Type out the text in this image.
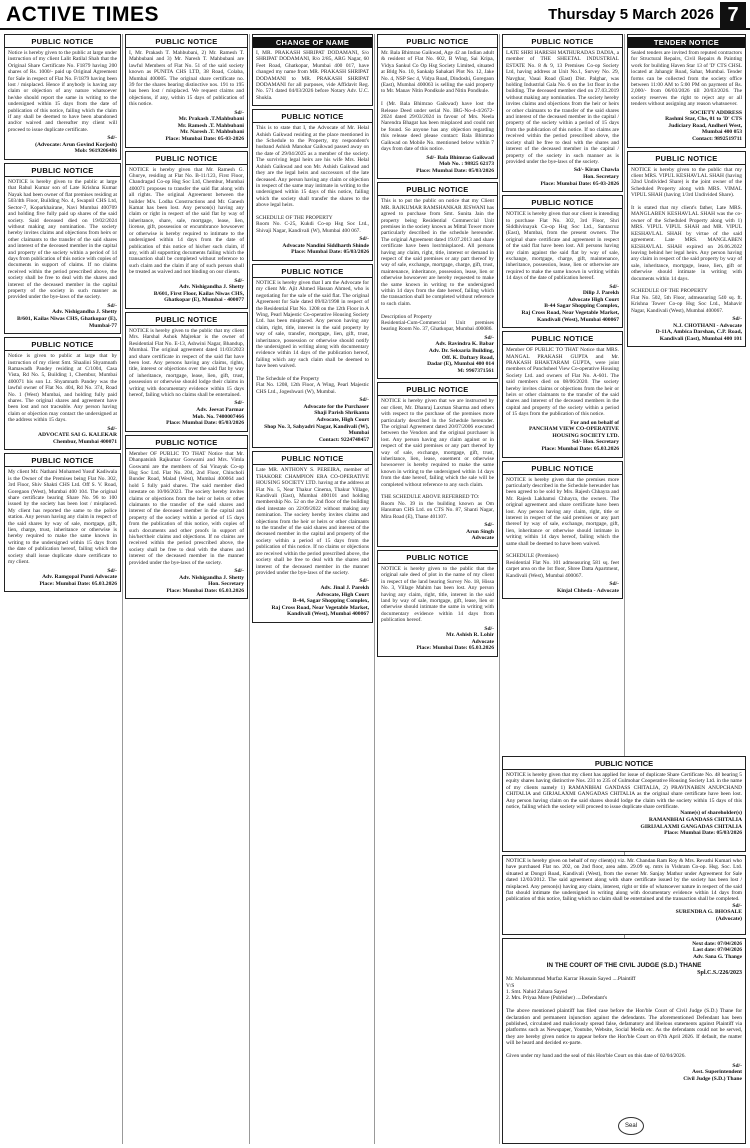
ACTIVE TIMES	Thursday 5 March 2026 7
PUBLIC NOTICE
Notice is hereby given to the public at large under instruction of my client Lalit Ratilal Shah that the Original Share Certificate No. F1879 having 200 shares of Rs. 1000/- paid up Original Agreement for Sale in respect of Flat No. F/1879 having been lost / misplaced. Hence if anybody is having any claim or objection of any nature whatsoever he/she should report the same in writing to the undersigned within 15 days from the date of publication of this notice, failing which the claim if any shall be deemed to have been abandoned and/or waived and thereafter my client will proceed to issue duplicate certificate.
Sd/-
(Advocate: Arun Govind Korjosh)
Mob: 9619206486
PUBLIC NOTICE
NOTICE is hereby given to the public at large that Rahul Kumar son of Late Krishna Kumar Nayak had been owner of flat premises residing at 503/4th Floor, Building No. 4, Swapnil CHS Ltd, Sector-7, Koparkhairane, Navi Mumbai 400709 and holding five fully paid up shares of the said society. Said deceased died on 19/02/2024 without making any nomination. The society hereby invites claims and objections from heirs or other claimants to the transfer of the said shares and interest of the deceased member in the capital and property of the society within a period of 14 days from publication of this notice with copies of documents in support of claims. If no claims received within the period prescribed above, the society shall be free to deal with the shares and interest of the deceased member in the capital property of the society in such manner as provided under the bye-laws of the society.
Sd/-
Adv. Nishigandha J. Shetty
B/601, Kailas Niwas CHS, Ghatkopar (E), Mumbai-77
PUBLIC NOTICE
Notice is given to public at large that by instruction of my client Smt. Shaalini Shyamnath Ramawadh Pandey residing at C/1004, Casa Vista, Rd No. 5, Building 1, Chembur, Mumbai 400071 his son Lt. Shyamnath Pandey was the lawful owner of Flat No. 404, Rd No. 374, Road No. 1 (West) Mumbai, and holding fully paid shares. The original shares and agreement have been lost and not traceable. Any person having claim or objection may contact the undersigned at the address within 15 days.
Sd/-
ADVOCATE SAI G. KALEKAR
Chembur, Mumbai 400071
PUBLIC NOTICE
My client Mr. Nathani Mohamed Yusuf Kadiwala is the Owner of the Premises being Flat No. 302, 3rd Floor, Shiv Shakti CHS Ltd. Off S. V. Road, Goregaon (West), Mumbai 400 104. The original share certificate bearing Share No. 96 to 100 issued by the society has been lost / misplaced. My client has reported the same to the police station. Any person having any claim in respect of the said shares by way of sale, mortgage, gift, lien, charge, trust, inheritance or otherwise is hereby required to make the same known in writing to the undersigned within 15 days from the date of publication hereof, failing which the society shall issue duplicate share certificate to my client.
Sd/-
Adv. Ramgopal Punti Advocate
Place: Mumbai Date: 05.03.2026
PUBLIC NOTICE
I, Mr. Prakash T. Mahbubani, 2) Mr. Ramesh T. Mahbubani and 3) Mr. Naresh T. Mahbubani are lawful Members of Flat No. 51 of the said society known as PUNITA CHS LTD, 38 Road, Colaba, Mumbai 400005. The original share certificate no. 39 for the shares bearing distinctive nos. 191 to 195 has been lost / misplaced. We request claims and objections, if any, within 15 days of publication of this notice.
Sd/-
Mr. Prakash .T.Mahbubani
Mr. Ramesh .T. Mahbubani
Mr. Naresh .T. Mahbubani
Place: Mumbai Date: 05-03-2026
PUBLIC NOTICE
NOTICE is hereby given that Mr. Ramesh G. Ghurye, residing at Flat No. B-11/123, First Floor, Chandragad Co-op Hsg Soc Ltd, Chembur, Mumbai 400071 proposes to transfer the said flat along with all rights. The original Agreement between the builder M/s. Lodha Constructions and Mr. Ganesh Kamat has been lost. Any person(s) having any claim or right in respect of the said flat by way of inheritance, share, sale, mortgage, lease, lien, license, gift, possession or encumbrance howsoever or otherwise is hereby required to intimate to the undersigned within 14 days from the date of publication of this notice of his/her such claim, if any, with all supporting documents failing which the transaction shall be completed without reference to such claim and the claim if any of such person shall be treated as waived and not binding on our clients.
Sd/-
Adv. Nishigandha J. Shetty
B/601, First Floor, Kailas Niwas CHS,
Ghatkopar (E), Mumbai - 400077
PUBLIC NOTICE
NOTICE is hereby given to the public that my client Mrs. Harshal Ashok Majrekar is the owner of Residential Flat No. E-13, Ashwini Nagar, Bhandup, Mumbai. The original agreement dated 11/03/2023 and share certificate in respect of the said flat have been lost. Any persons having any claims, rights, title, interest or objections over the said flat by way of inheritance, mortgage, lease, lien, gift, trust, possession or otherwise should lodge their claims in writing with documentary evidence within 15 days hereof, failing which no claims shall be entertained.
Sd/-
Adv. Jeevat Parmar
Mob. No. 7400007466
Place: Mumbai Date: 05/03/2026
PUBLIC NOTICE
Member OF PUBLIC TO THAT Notice that Mr. Dhanpatsinh Rajkumar Goswami and Mrs. Vimla Goswami are the members of Sai Vinayak Co-op Hsg Soc Ltd. Flat No. 204, 2nd Floor, Chincholi Bunder Road, Malad (West), Mumbai 400064 and hold 5 fully paid shares. The said member died intestate on 10/06/2023. The society hereby invites claims or objections from the heir or heirs or other claimants to the transfer of the said shares and interest of the deceased member in the capital and property of the society within a period of 15 days from the publication of this notice, with copies of such documents and other proofs in support of his/her/their claims and objections. If no claims are received within the period prescribed above, the society shall be free to deal with the shares and interest of the deceased member in the manner provided under the bye-laws of the society.
Sd/-
Adv. Nishigandha J. Shetty
Hon. Secretary
Place: Mumbai Date: 05.03.2026
CHANGE OF NAME
I, MR. PRAKASH SHRIPAT DODAMANI, S/o SHRIPAT DODAMANI, R/o 2/85, ARG Nagar, 60 Feet Road, Ghatkopar, Mumbai 400 017, have changed my name from MR. PRAKASH SHRIPAT DODAMANI to MR. PRAKASH SHRIPAT DODAMANI for all purposes, vide Affidavit Reg. No. 571 dated 04/03/2026 before Notary Adv. U.C. Shukla.
PUBLIC NOTICE
This is to state that I, the Advocate of Mr. Helal Ashish Gaikwad residing at the place mentioned in the Schedule to the Property, my respondent's husband Ashish Manohar Gaikwad passed away on the date of 29/04/2025 as a member of the society. The surviving legal heirs are his wife Mrs. Helal Ashish Gaikwad and son Mr. Ashish Gaikwad and they are the legal heirs and successors of the late deceased. Any person having any claim or objection in respect of the same may intimate in writing to the undersigned within 15 days of this notice, failing which the society shall transfer the shares to the above legal heirs.

SCHEDULE OF THE PROPERTY
Room No. C-25, Kukdi Co-op Hsg Soc Ltd., Shivaji Nagar, Kandivali (W), Mumbai 400 067.
Sd/-
Advocate Nandini Siddharth Shinde
Place: Mumbai Date: 05/03/2026
PUBLIC NOTICE
NOTICE is hereby given that I am the Advocate for my client Mr. Ajit Ahmed Hassan Ahmed, who is negotiating for the sale of the said flat. The original Agreement for Sale dated 09/02/1998 in respect of the Residential Flat No. 1208 on the 12th Floor in A Wing, Pearl Majestic Co-operative Housing Society Ltd. has been misplaced. Any person having any claim, right, title, interest in the said property by way of sale, transfer, mortgage, lien, gift, trust, inheritance, possession or otherwise should notify the undersigned in writing along with documentary evidence within 14 days of the publication hereof, failing which any such claim shall be deemed to have been waived.

The Schedule of the Property
Flat No. 1208, 12th Floor, A Wing, Pearl Majestic CHS Ltd., Jogeshwari (W), Mumbai.
Sd/-
Advocate for the Purchaser
Shaji Parish Shrikanta
Advocate, High Court
Shop No. 3, Sahyadri Nagar, Kandivali (W), Mumbai
Contact: 9224748457
PUBLIC NOTICE
Late MR. ANTHONY S. PEREIRA, member of THAKORE CHAMPION ERA CO-OPERATIVE HOUSING SOCIETY LTD. having at the address at Flat No. 5, Near Thakur Cinema, Thakur Village, Kandivali (East), Mumbai 400101 and holding membership No. 52 on the 2nd floor of the building died intestate on 22/09/2022 without making any nomination. The society hereby invites claims and objections from the heir or heirs or other claimants to the transfer of the said shares and interest of the deceased member in the capital and property of the society within a period of 15 days from the publication of this notice. If no claims or objections are received within the period prescribed above, the society shall be free to deal with the shares and interest of the deceased member in the manner provided under the bye-laws of the society.
Sd/-
Adv. Jinal J. Parekh
Advocate, High Court
B-44, Sagar Shopping Complex,
Raj Cross Road, Near Vegetable Market,
Kandivali (West), Mumbai 400067
PUBLIC NOTICE
Mr. Bala Bhimrao Gaikwad, Age 42 an Indian adult & resident of Flat No. 602, B Wing, Sai Kripa, Vidya Sankul Co Op Hsg Society Limited, situated at Bldg No. 10, Sankalp Sahakari Plot No. 12, Jake No. 4, NSP Sec 4, Vidya Road, Dindoshi, Goregaon (East), Mumbai 400063 is selling the said property to Mr. Manav Nitin Pondkule and Nitin Pondkule.

I (Mr. Bala Bhimrao Gaikwad) have lost the Release Deed under serial No. IRG-No-4-4/2672-2024 dated 29/03/2024 in favour of Mrs. Neela Narendra Bhagat has been misplaced and could not be found. So anyone has any objection regarding this release deed please contact: Bala Bhimrao Gaikwad on Mobile No. mentioned below within 7 days from date of this notice.
Sd/- Bala Bhimrao Gaikwad
Mob No. : 98825 62173
Place: Mumbai Date: 05/03/2026
PUBLIC NOTICE
This is to put the public on notice that my Client MR. RAJKUMAR RAMSHANKAR JESWANI has agreed to purchase from Smt. Sunita Jain the property being Residential Commercial Unit premises in the society known as Mittal Tower more particularly described in the schedule hereunder. The original Agreement dated 19.07.2013 and share certificate have been lost/misplaced. All persons having any claim, right, title, interest or demand in respect of the said premises or any part thereof by way of sale, exchange, mortgage, charge, gift, trust, maintenance, inheritance, possession, lease, lien or otherwise howsoever are hereby requested to make the same known in writing to the undersigned within 14 days from the date hereof, failing which the transaction shall be completed without reference to such claim.

Description of Property
Residential-Cum-Commercial Unit premises bearing Room No. 37, Ghatkopar, Mumbai 400086.
Sd/-
Adv. Ravindra K. Babar
Adv. Dr. Seksaria Building,
Off. K. Daftary Road,
Dadar (E), Mumbai 400 014
M: 9967371561
PUBLIC NOTICE
NOTICE is hereby given that we are instructed by our client, Mr. Dhanraj Laxman Sharma and others with respect to the purchase of the premises more particularly described in the Schedule hereunder. The original Agreement dated 20/07/2006 executed between the Vendors and the original purchaser is lost. Any person having any claim against or in respect of the said premises or any part thereof by way of sale, exchange, mortgage, gift, trust, inheritance, lien, lease, easement or otherwise howsoever is hereby required to make the same known in writing to the undersigned within 14 days from the date hereof, failing which the sale will be completed without reference to any such claim.

THE SCHEDULE ABOVE REFERRED TO:
Room No. 39 in the building known as Om Hanuman CHS Ltd. on CTS No. 87, Shanti Nagar, Mira Road (E), Thane 401107.
Sd/-
Arun Singh
Advocate
PUBLIC NOTICE
NOTICE is hereby given to the public that the original sale deed of plot in the name of my client in respect of the land bearing Survey No. 18, Hissa No. 3, Village Mahim has been lost. Any person having any claim, right, title, interest in the said land by way of sale, mortgage, gift, lease, lien or otherwise should intimate the same in writing with documentary evidence within 14 days from publication hereof.
Sd/-
Mr. Ashish R. Lohir
Advocate
Place: Mumbai Date: 05.03.2026
PUBLIC NOTICE
LATE SHRI HARESH MATHURADAS DADIA, a member of THE SHEETAL INDUSTRIAL ESTATE No. 8 & 9, 13 Premises Co-op Society Ltd, having address at Unit No.1, Survey No. 29, Navghar, Vasai Road (East) Dist. Palghar, was holding Industrial Gala No. 6 on the 1st floor in the building. The deceased member died on 27.03.2019 without making any nomination. The society hereby invites claims and objections from the heir or heirs or other claimants to the transfer of the said shares and interest of the deceased member in the capital / property of the society within a period of 15 days from the publication of this notice. If no claims are received within the period prescribed above, the society shall be free to deal with the shares and interest of the deceased member in the capital / property of the society in such manner as is provided under the bye-laws of the society.
Sd/- Kiran Chawla
Hon. Secretary
Place: Mumbai Date: 05-03-2026
PUBLIC NOTICE
NOTICE is hereby given that our client is intending to purchase Flat No. 302, 3rd Floor, Shri Siddhivinayak Co-op Hsg Soc Ltd., Santacruz (East), Mumbai, from the present owners. The original share certificate and agreement in respect of the said flat have been lost. All persons having any claim against the said flat by way of sale, exchange, mortgage, charge, gift, maintenance, inheritance, possession, lease, lien or otherwise are required to make the same known in writing within 14 days of the date of publication hereof.
Sd/-
Dilip J. Parekh
Advocate High Court
B-44 Sagar Shopping Complex,
Raj Cross Road, Near Vegetable Market,
Kandivali (West), Mumbai 400067
PUBLIC NOTICE
Member OF PUBLIC TO THAT Notice that MRS. MANGAL PRAKASH GUPTA and Mr. PRAKASH BHAKTARAM GUPTA, were joint members of Panchsheel View Co-operative Housing Society Ltd. and owners of Flat No. A-601. The said members died on 08/06/2020. The society hereby invites claims or objections from the heir or heirs or other claimants to the transfer of the said shares and interest of the deceased members in the capital and property of the society within a period of 15 days from the publication of this notice.
For and on behalf of
PANCHAM VIEW CO-OPERATIVE
HOUSING SOCIETY LTD.
Sd/- Hon. Secretary
Place: Mumbai Date: 05.03.2026
PUBLIC NOTICE
NOTICE is hereby given that the premises more particularly described in the Schedule hereunder has been agreed to be sold by Mrs. Rajesh Chhayra and Mr. Rajesh Lakhamsi Chhayra, the owners. The original agreement and share certificate have been lost. Any person having any claim, right, title or interest in respect of the said premises or any part thereof by way of sale, exchange, mortgage, gift, lien, inheritance or otherwise should intimate in writing within 14 days hereof, failing which the same shall be deemed to have been waived.

SCHEDULE (Premises)
Residential Flat No. 101 admeasuring 581 sq. feet carpet area on the 1st floor, Shree Datta Apartment, Kandivali (West), Mumbai 400067.
Sd/-
Kinjal Chheda - Advocate
TENDER NOTICE
Sealed tenders are invited from reputed contractors for Structural Repairs, Civil Repairs & Painting work for building Haven Star 13 of 'D' CTS CHSL located at Jahangir Road, Sahar, Mumbai. Tender forms can be collected from the society office between 11:00 AM to 5:00 PM on payment of Rs. 2,000/- from 06/03/2026 till 20/03/2026. The society reserves the right to reject any or all tenders without assigning any reason whatsoever.
SOCIETY ADDRESS
Rashmi Star, Chs, 01 to 'D' CTS
Judiciary Road, Andheri West,
Mumbai 400 053
Contact: 9892519711
PUBLIC NOTICE
NOTICE is hereby given to the public that my client MRS. VIPUL KESHAVLAL SHAH (having 32nd Undivided Share) is the joint owner of the Scheduled Property along with MRS. VIMAL VIPUL SHAH (having 1/3rd Undivided Share).

It is stated that my client's father, Late MRS. MANGLABEN KESHAVLAL SHAH was the co-owner of the Scheduled Property along with 1) MRS. VIPUL VIPUL SHAH and MR. VIPUL KESHAVLAL SHAH by virtue of the said agreement. Late MRS. MANGLABEN KESHAVLAL SHAH expired on 26.06.2022 leaving behind her legal heirs. Any person having any claim in respect of the said property by way of sale, inheritance, mortgage, lease, lien, gift or otherwise should intimate in writing with documents within 14 days.

SCHEDULE OF THE PROPERTY
Flat No. 502, 5th Floor, admeasuring 540 sq. ft. Krishna Tower Co-op Hsg Soc Ltd., Mahavir Nagar, Kandivali (West), Mumbai 400067.
Sd/-
N.J. CHOTHANI - Advocate
D-11A, Ambica Darshan, C.P. Road,
Kandivali (East), Mumbai 400 101
PUBLIC NOTICE
NOTICE is hereby given that my client has applied for issue of duplicate Share Certificate No. 48 bearing 5 equity shares having distinctive Nos. 231 to 235 of Gulmohar Cooperative Housing Society Ltd. in the name of my clients namely 1) RAMANBHAI GANDASS CHITALIA, 2) PRAVINABEN ANUPCHAND CHITALIA and GIRJALAXMI GANGADAS CHITALIA as the original share certificate have been lost. Any person having claim on the said shares should lodge the claim with the society within 15 days of this notice, failing which the society will proceed to issue duplicate share certificate.
Name(s) of shareholder(s)
RAMANBHAI GANDASS CHITALIA
GIRIJALAXMI GANGADAS CHITALIA
Place: Mumbai Date: 05/03/2026
NOTICE is hereby given on behalf of my client(s) viz. Mr. Chandan Ram Roy & Mrs. Revathi Kumari who have purchased Flat no. 202, on 2nd floor, area adm. 29.09 sq. mtrs in Vishram Co-op. Hsg. Soc. Ltd. situated at Dongri Road, Kandivali (West), from the owner Mr. Sanjay Mathur under Agreement for Sale dated 12/03/2012. The said agreement along with share certificate issued by the society has been lost / misplaced. Any person(s) having any claim, interest, right or title of whatsoever nature in respect of the said flat should intimate the undersigned in writing along with documentary evidence within 14 days from publication of this notice, failing which no claim shall be entertained and the transaction shall be completed.
Sd/-
SURENDRA G. BHOSALE
(Advocate)
Next date: 07/04/2026
Last date: 07/04/2026
Adv. Sana G. Thange
IN THE COURT OF THE CIVIL JUDGE (S.D.) THANE
Spl.C.S./226/2023
Mr. Mohammmad Murfaz Karrar Hussain Sayed ....Plaintiff
V/S
1. Smt. Nahid Zohara Sayed
2. Mrs. Priyaa More (Publisher) ....Defendant's

The above mentioned plaintiff has filed case before the Hon'ble Court of Civil Judge (S.D.) Thane for declaration and permanent injunction against the defendants. The aforementioned Defendant has been published, circulated and maliciously spread false, defamatory and libelous statements against Plaintiff via platforms such as Newspaper, Youtube, Website, Social Media etc. As the defendants could not be served, they are hereby given notice to appear before the Hon'ble Court on 07th April 2026. If default, the matter will be heard and decided ex-parte.

Given under my hand and the seal of this Hon'ble Court on this date of 02/04/2026.
Sd/-
Asst. Superintendent
Civil Judge (S.D.) Thane
Seal
